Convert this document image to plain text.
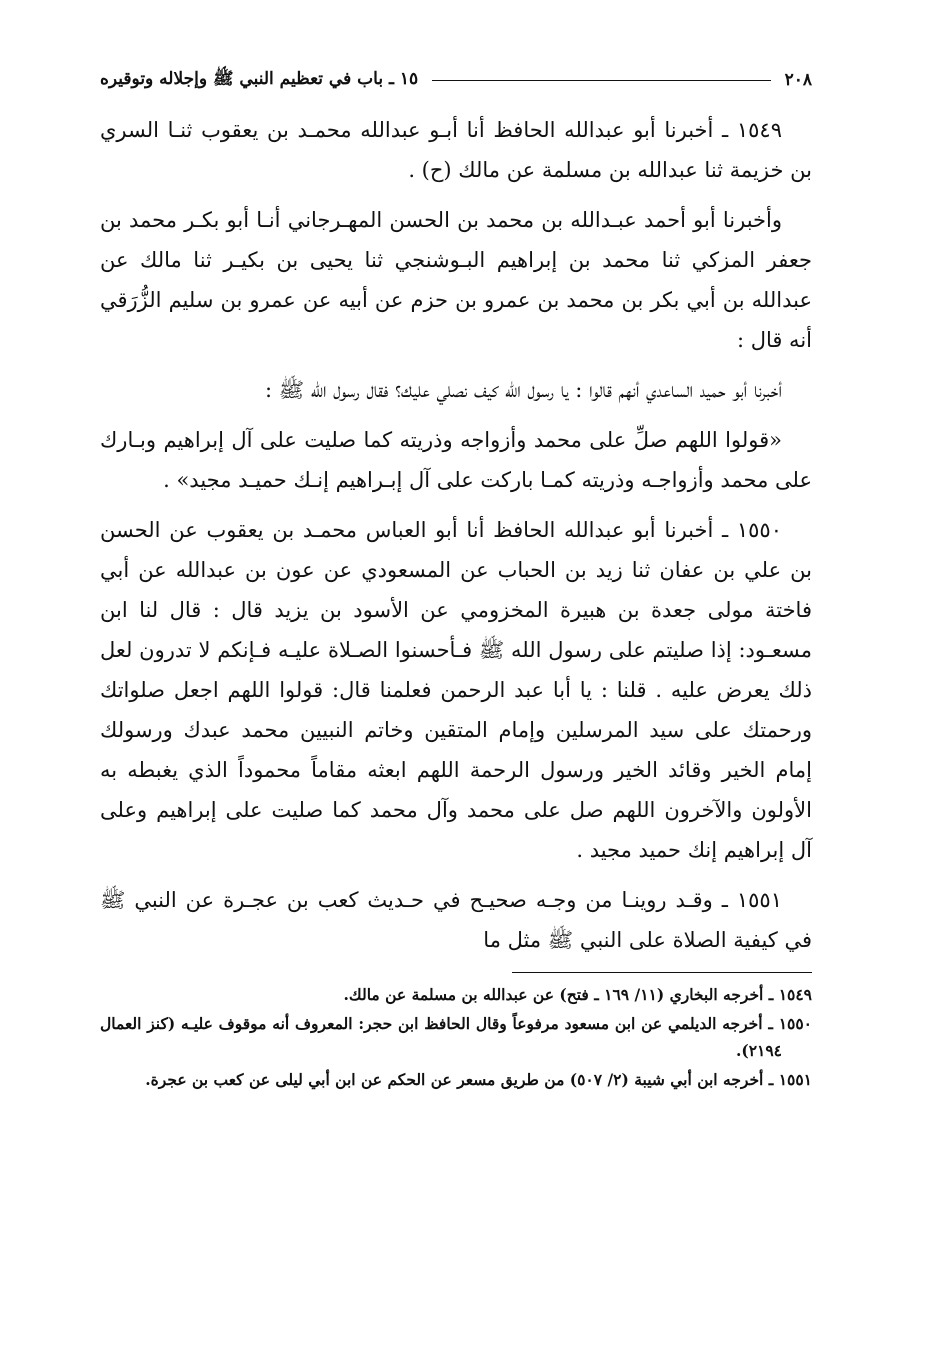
٢٠٨
١٥ ـ باب في تعظيم النبي ﷺ وإجلاله وتوقيره

١٥٤٩ ـ أخبرنا أبو عبدالله الحافظ أنا أبـو عبدالله محمـد بن يعقوب ثنـا السري بن خزيمة ثنا عبدالله بن مسلمة عن مالك (ح) .

وأخبرنا أبو أحمد عبـدالله بن محمد بن الحسن المهـرجاني أنـا أبو بكـر محمد بن جعفر المزكي ثنا محمد بن إبراهيم البـوشنجي ثنا يحيى بن بكيـر ثنا مالك عن عبدالله بن أبي بكر بن محمد بن عمرو بن حزم عن أبيه عن عمرو بن سليم الزُّرَقي أنه قال :

أخبرنا أبو حميد الساعدي أنهم قالوا : يا رسول الله كيف نصلي عليك؟ فقال رسول الله ﷺ :

«قولوا اللهم صلِّ على محمد وأزواجه وذريته كما صليت على آل إبراهيم وبـارك على محمد وأزواجـه وذريته كمـا باركت على آل إبـراهيم إنـك حميـد مجيد» .

١٥٥٠ ـ أخبرنا أبو عبدالله الحافظ أنا أبو العباس محمـد بن يعقوب عن الحسن بن علي بن عفان ثنا زيد بن الحباب عن المسعودي عن عون بن عبدالله عن أبي فاختة مولى جعدة بن هبيرة المخزومي عن الأسود بن يزيد قال : قال لنا ابن مسعـود: إذا صليتم على رسول الله ﷺ فـأحسنوا الصـلاة عليـه فـإنكم لا تدرون لعل ذلك يعرض عليه . قلنا : يا أبا عبد الرحمن فعلمنا قال: قولوا اللهم اجعل صلواتك ورحمتك على سيد المرسلين وإمام المتقين وخاتم النبيين محمد عبدك ورسولك إمام الخير وقائد الخير ورسول الرحمة اللهم ابعثه مقاماً محموداً الذي يغبطه به الأولون والآخرون اللهم صل على محمد وآل محمد كما صليت على إبراهيم وعلى آل إبراهيم إنك حميد مجيد .

١٥٥١ ـ وقـد روينـا من وجـه صحيـح في حـديث كعب بن عجـرة عن النبي ﷺ في كيفية الصلاة على النبي ﷺ مثل ما

١٥٤٩ ـ أخرجه البخاري (١١/ ١٦٩ ـ فتح) عن عبدالله بن مسلمة عن مالك.
١٥٥٠ ـ أخرجه الديلمي عن ابن مسعود مرفوعاً وقال الحافظ ابن حجر: المعروف أنه موقوف عليـه (كنز العمال ٢١٩٤).
١٥٥١ ـ أخرجه ابن أبي شيبة (٢/ ٥٠٧) من طريق مسعر عن الحكم عن ابن أبي ليلى عن كعب بن عجرة.
